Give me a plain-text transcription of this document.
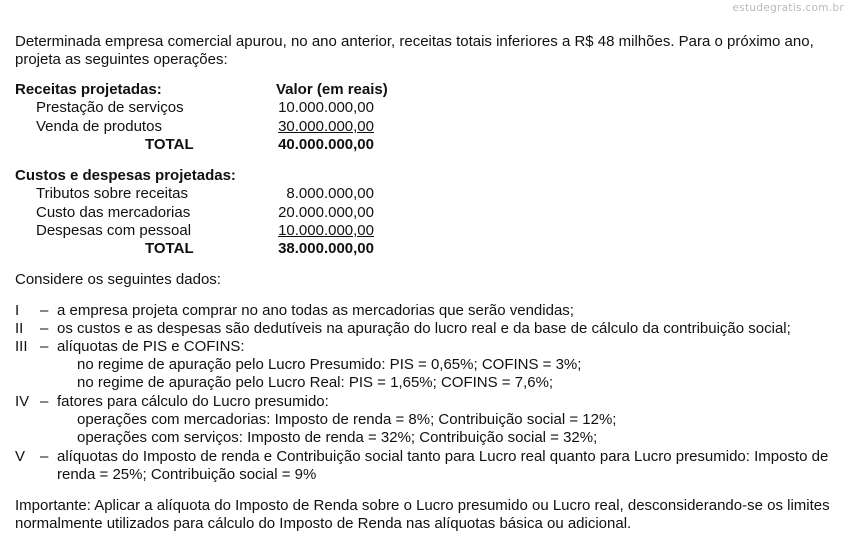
estudegratis.com.br
Determinada empresa comercial apurou, no ano anterior, receitas totais inferiores a R$ 48 milhões. Para o próximo ano, projeta as seguintes operações:
Receitas projetadas:	Valor (em reais)
Prestação de serviços	10.000.000,00
Venda de produtos	30.000.000,00
TOTAL	40.000.000,00
Custos e despesas projetadas:
Tributos sobre receitas	8.000.000,00
Custo das mercadorias	20.000.000,00
Despesas com pessoal	10.000.000,00
TOTAL	38.000.000,00
Considere os seguintes dados:
I – a empresa projeta comprar no ano todas as mercadorias que serão vendidas;
II – os custos e as despesas são dedutíveis na apuração do lucro real e da base de cálculo da contribuição social;
III – alíquotas de PIS e COFINS:
no regime de apuração pelo Lucro Presumido: PIS = 0,65%; COFINS = 3%;
no regime de apuração pelo Lucro Real: PIS = 1,65%; COFINS = 7,6%;
IV – fatores para cálculo do Lucro presumido:
operações com mercadorias: Imposto de renda = 8%; Contribuição social = 12%;
operações com serviços: Imposto de renda = 32%; Contribuição social = 32%;
V – alíquotas do Imposto de renda e Contribuição social tanto para Lucro real quanto para Lucro presumido: Imposto de
renda = 25%; Contribuição social = 9%
Importante: Aplicar a alíquota do Imposto de Renda sobre o Lucro presumido ou Lucro real, desconsiderando-se os limites normalmente utilizados para cálculo do Imposto de Renda nas alíquotas básica ou adicional.
